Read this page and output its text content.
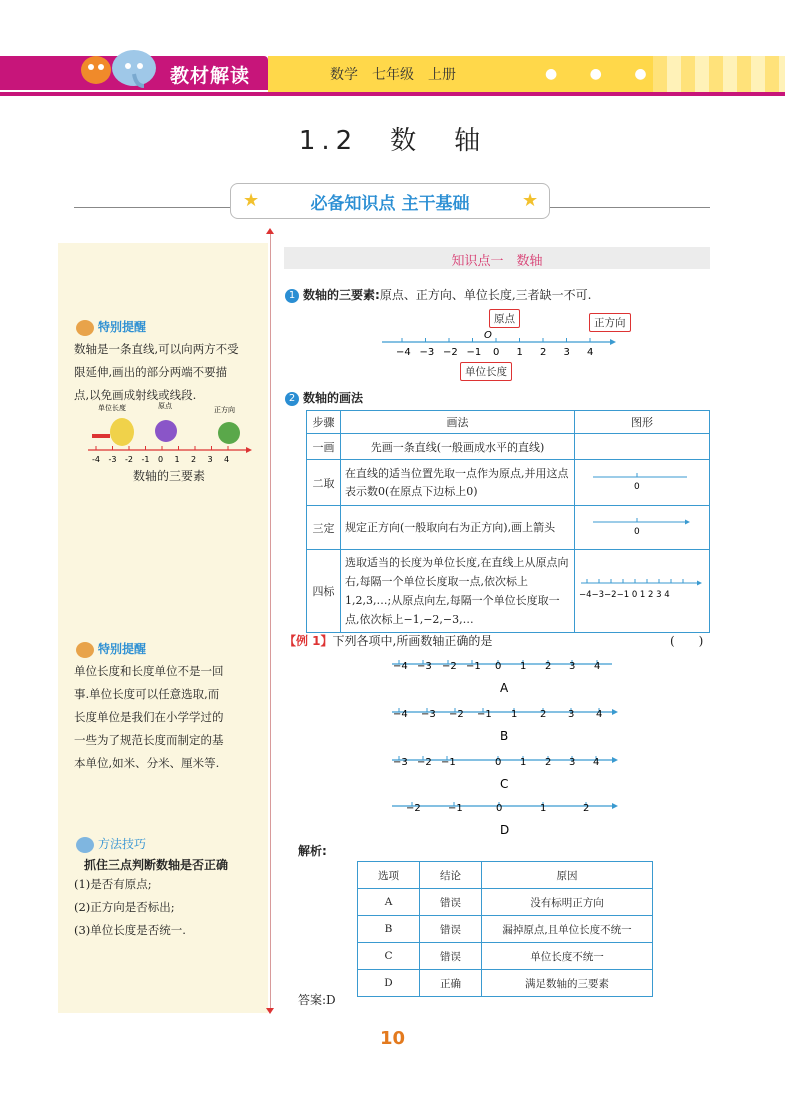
教材解读	数学　七年级　上册	● ● ●
1.2　数　轴
★	★
必备知识点 主干基础
特别提醒
数轴是一条直线,可以向两方不受
限延伸,画出的部分两端不要描
点,以免画成射线或线段.
单位长度	原点	正方向
-4 -3 -2 -1 0 1 2 3 4
数轴的三要素
特别提醒
单位长度和长度单位不是一回
事.单位长度可以任意选取,而
长度单位是我们在小学学过的
一些为了规范长度而制定的基
本单位,如米、分米、厘米等.
方法技巧
抓住三点判断数轴是否正确
(1)是否有原点;
(2)正方向是否标出;
(3)单位长度是否统一.
知识点一　数轴
1 数轴的三要素:原点、正方向、单位长度,三者缺一不可.
原点	正方向
单位长度
O
−4 −3 −2 −1 0 1 2 3 4
2 数轴的画法
步骤	画法	图形
一画	先画一条直线(一般画成水平的直线)	
二取	在直线的适当位置先取一点作为原点,并用这点表示数0(在原点下边标上0)	0

三定	规定正方向(一般取向右为正方向),画上箭头	0

四标	选取适当的长度为单位长度,在直线上从原点向右,每隔一个单位长度取一点,依次标上1,2,3,…;从原点向左,每隔一个单位长度取一点,依次标上−1,−2,−3,…	−4−3−2−1 0 1 2 3 4
【例 1】下列各项中,所画数轴正确的是	(　　)
−4 −3 −2 −1 0 1 2 3 4
A
−4 −3 −2 −1 1 2 3 4
B
−3 −2 −1	0 1 2 3 4
C
−2	−1	0	1	2
D
解析:
选项	结论	原因
A	错误	没有标明正方向
B	错误	漏掉原点,且单位长度不统一
C	错误	单位长度不统一
D	正确	满足数轴的三要素
答案:D
10
